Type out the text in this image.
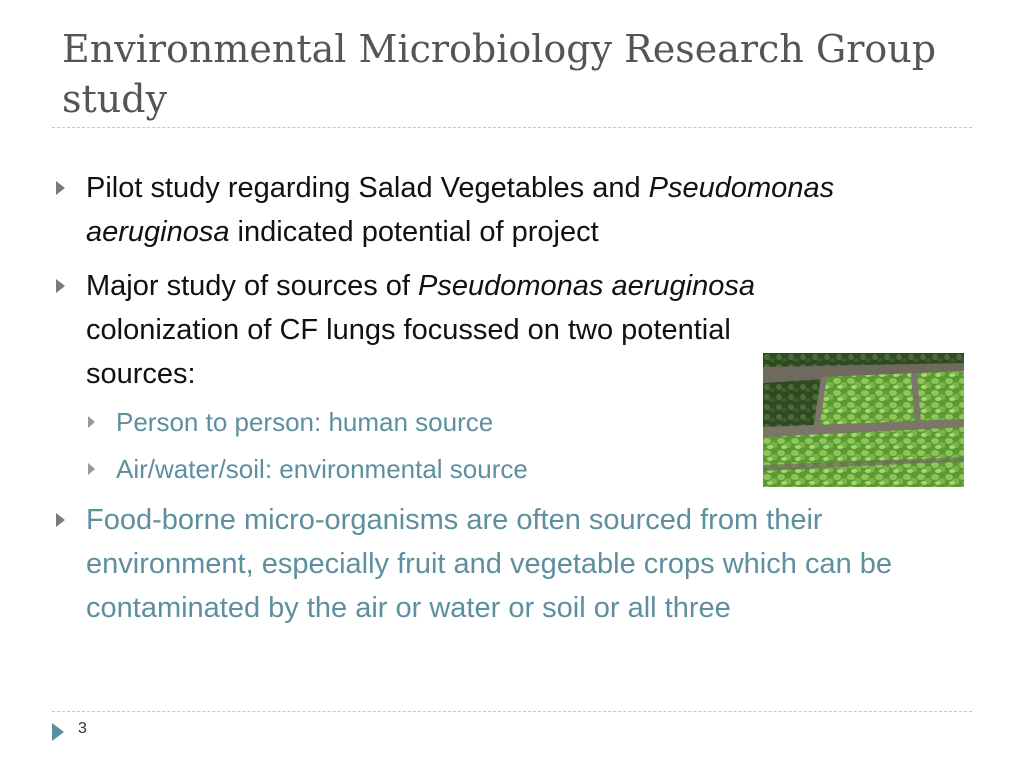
Environmental Microbiology Research Group study
Pilot study regarding Salad Vegetables and Pseudomonas aeruginosa indicated potential of project
Major study of sources of Pseudomonas aeruginosa colonization of CF lungs focussed on two potential sources:
Person to person: human source
Air/water/soil: environmental source
Food-borne micro-organisms are often sourced from their environment, especially fruit and vegetable crops which can be contaminated by the air or water or soil or all three
3
